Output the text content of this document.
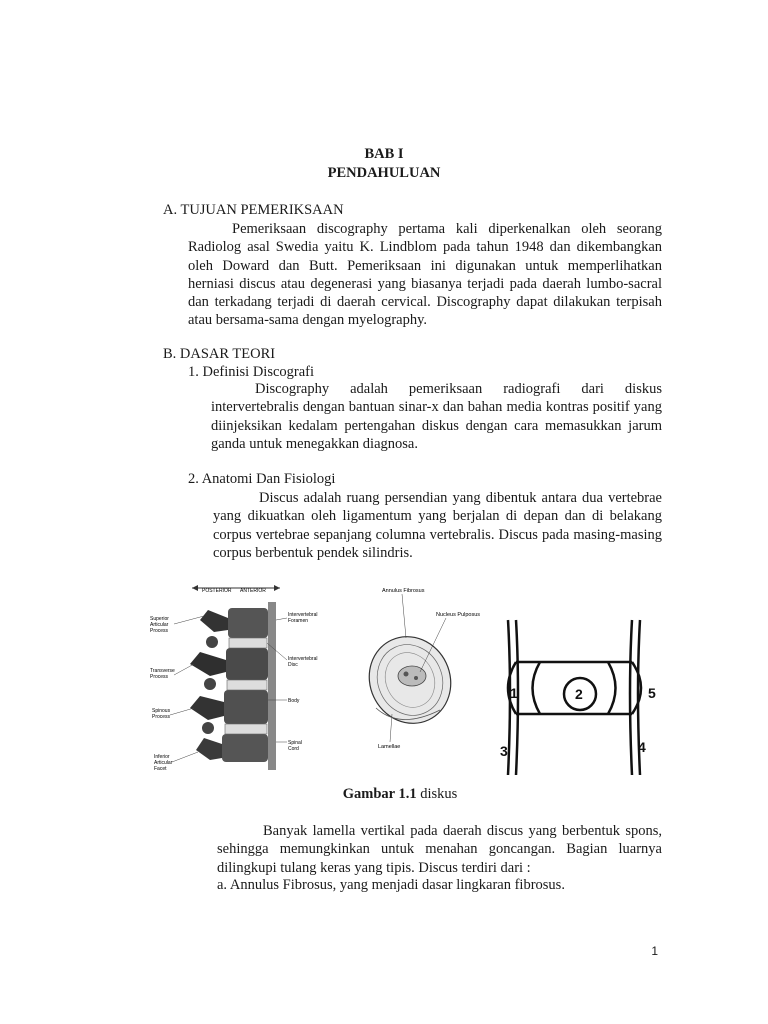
BAB I
PENDAHULUAN
A. TUJUAN PEMERIKSAAN

Pemeriksaan discography pertama kali diperkenalkan oleh seorang Radiolog asal Swedia yaitu K. Lindblom pada tahun 1948 dan dikembangkan oleh Doward dan Butt. Pemeriksaan ini digunakan untuk memperlihatkan herniasi discus atau degenerasi yang biasanya terjadi pada daerah lumbo-sacral dan terkadang terjadi di daerah cervical. Discography dapat dilakukan terpisah atau bersama-sama dengan myelography.

B. DASAR TEORI
1. Definisi Discografi

Discography adalah pemeriksaan radiografi dari diskus intervertebralis dengan bantuan sinar-x dan bahan media kontras positif yang diinjeksikan kedalam pertengahan diskus dengan cara memasukkan jarum ganda untuk menegakkan diagnosa.

2. Anatomi Dan Fisiologi

Discus adalah ruang persendian yang dibentuk antara dua vertebrae yang dikuatkan oleh ligamentum yang berjalan di depan dan di belakang corpus vertebrae sepanjang columna vertebralis. Discus pada masing-masing corpus berbentuk pendek silindris.

POSTERIOR ANTERIOR
Superior
Articular
Process
Transverse
Process
Spinous
Process
Inferior
Articular
Facet
Intervertebral
Foramen
Intervertebral
Disc
Body
Spinal
Cord
Annulus Fibrosus
Nucleus Pulposus
Lamellae
1	2
3	4
5
Gambar 1.1 diskus

Banyak lamella vertikal pada daerah discus yang berbentuk spons, sehingga memungkinkan untuk menahan goncangan. Bagian luarnya dilingkupi tulang keras yang tipis. Discus terdiri dari :

a. Annulus Fibrosus, yang menjadi dasar lingkaran fibrosus.
1
